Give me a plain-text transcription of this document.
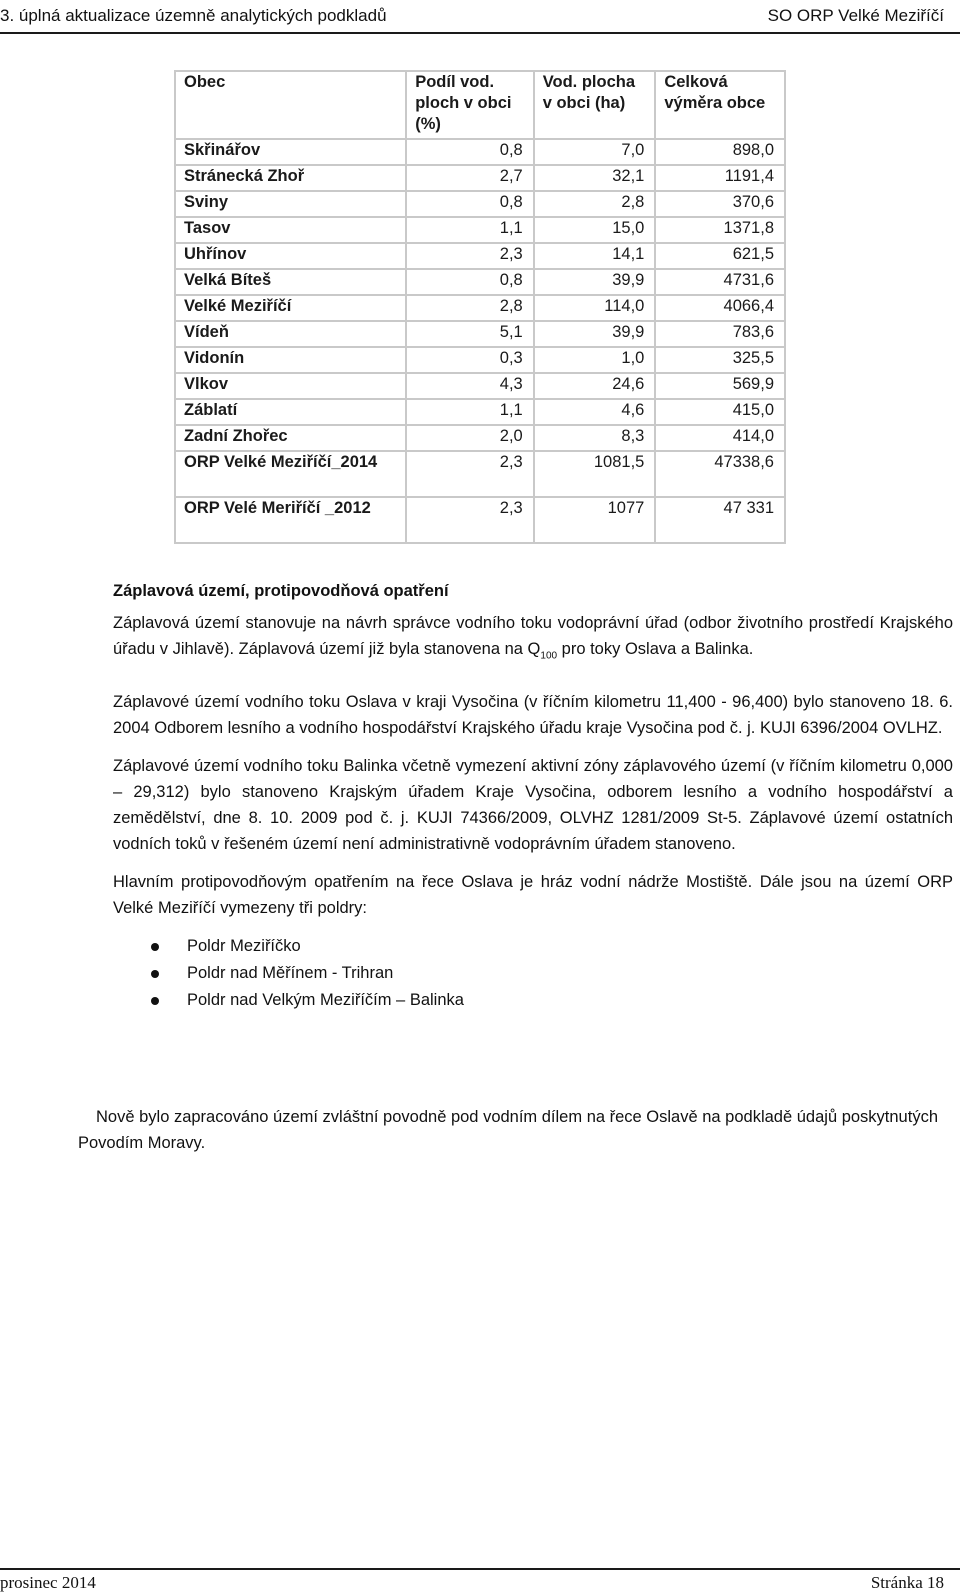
3. úplná aktualizace územně analytických podkladů	SO ORP Velké Meziříčí
Obec	Podíl vod. ploch v obci (%)	Vod. plocha v obci (ha)	Celková výměra obce
Skřinářov	0,8	7,0	898,0
Stránecká Zhoř	2,7	32,1	1191,4
Sviny	0,8	2,8	370,6
Tasov	1,1	15,0	1371,8
Uhřínov	2,3	14,1	621,5
Velká Bíteš	0,8	39,9	4731,6
Velké Meziříčí	2,8	114,0	4066,4
Vídeň	5,1	39,9	783,6
Vidonín	0,3	1,0	325,5
Vlkov	4,3	24,6	569,9
Záblatí	1,1	4,6	415,0
Zadní Zhořec	2,0	8,3	414,0
ORP Velké Meziříčí_2014	2,3	1081,5	47338,6
ORP Velé Meriříčí _2012	2,3	1077	47 331
Záplavová území, protipovodňová opatření

Záplavová území stanovuje na návrh správce vodního toku vodoprávní úřad (odbor životního prostředí Krajského úřadu v Jihlavě). Záplavová území již byla stanovena na $Q_{100}$ pro toky Oslava a Balinka.

Záplavové území vodního toku Oslava v kraji Vysočina (v říčním kilometru 11,400 - 96,400) bylo stanoveno 18. 6. 2004 Odborem lesního a vodního hospodářství Krajského úřadu kraje Vysočina pod č. j. KUJI 6396/2004 OVLHZ.

Záplavové území vodního toku Balinka včetně vymezení aktivní zóny záplavového území (v říčním kilometru 0,000 – 29,312) bylo stanoveno Krajským úřadem Kraje Vysočina, odborem lesního a vodního hospodářství a zemědělství, dne 8. 10. 2009 pod č. j. KUJI 74366/2009, OLVHZ 1281/2009 St-5. Záplavové území ostatních vodních toků v řešeném území není administrativně vodoprávním úřadem stanoveno.

Hlavním protipovodňovým opatřením na řece Oslava je hráz vodní nádrže Mostiště. Dále jsou na území ORP Velké Meziříčí vymezeny tři poldry:

Poldr Meziříčko
Poldr nad Měřínem - Trihran
Poldr nad Velkým Meziříčím – Balinka
Nově bylo zapracováno území zvláštní povodně pod vodním dílem na řece Oslavě na podkladě údajů poskytnutých Povodím Moravy.
prosinec 2014	Stránka 18
